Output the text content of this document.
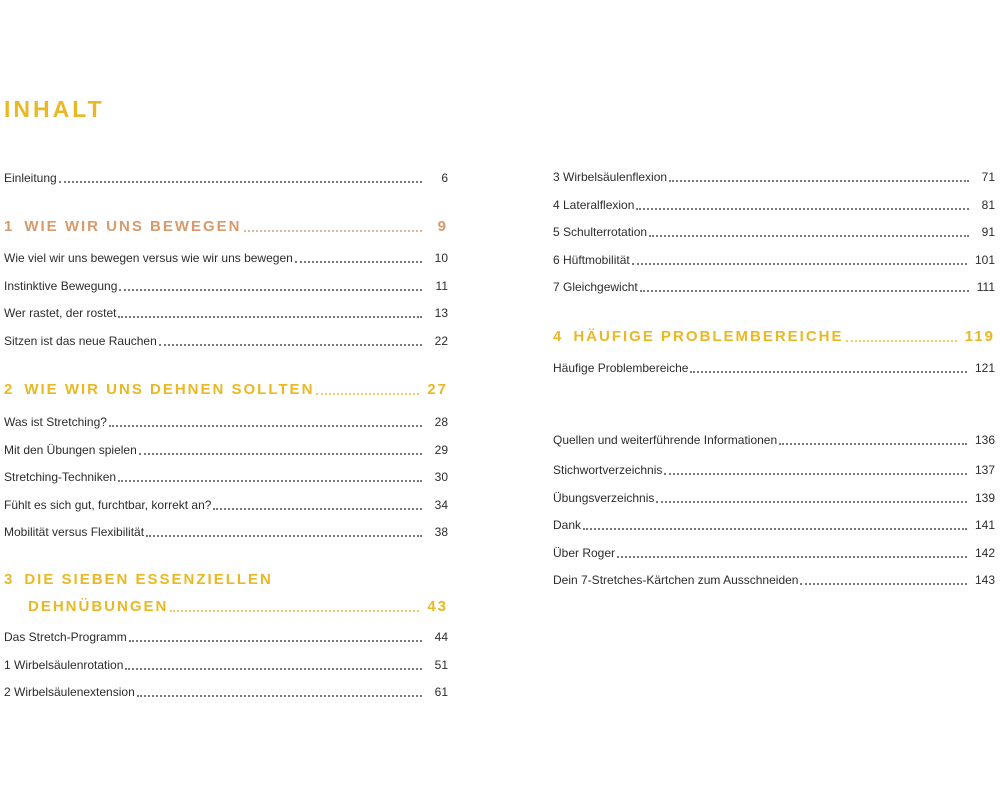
INHALT
Einleitung	6
1 WIE WIR UNS BEWEGEN	9
Wie viel wir uns bewegen versus wie wir uns bewegen	10
Instinktive Bewegung	11
Wer rastet, der rostet	13
Sitzen ist das neue Rauchen	22
2 WIE WIR UNS DEHNEN SOLLTEN	27
Was ist Stretching?	28
Mit den Übungen spielen	29
Stretching-Techniken	30
Fühlt es sich gut, furchtbar, korrekt an?	34
Mobilität versus Flexibilität	38
3 DIE SIEBEN ESSENZIELLEN
DEHNÜBUNGEN	43
Das Stretch-Programm	44
1 Wirbelsäulenrotation	51
2 Wirbelsäulenextension	61
3 Wirbelsäulenflexion	71
4 Lateralflexion	81
5 Schulterrotation	91
6 Hüftmobilität	101
7 Gleichgewicht	111
4 HÄUFIGE PROBLEMBEREICHE	119
Häufige Problembereiche	121
Quellen und weiterführende Informationen	136
Stichwortverzeichnis	137
Übungsverzeichnis	139
Dank	141
Über Roger	142
Dein 7-Stretches-Kärtchen zum Ausschneiden	143
